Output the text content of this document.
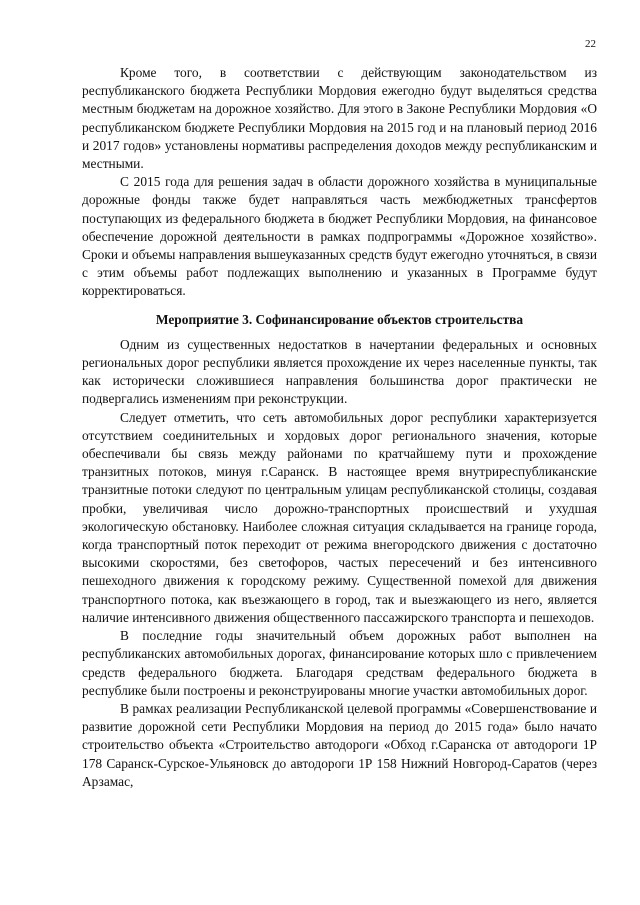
22

Кроме того, в соответствии с действующим законодательством из республиканского бюджета Республики Мордовия ежегодно будут выделяться средства местным бюджетам на дорожное хозяйство. Для этого в Законе Республики Мордовия «О республиканском бюджете Республики Мордовия на 2015 год и на плановый период 2016 и 2017 годов» установлены нормативы распределения доходов между республиканским и местными.

С 2015 года для решения задач в области дорожного хозяйства в муниципальные дорожные фонды также будет направляться часть межбюджетных трансфертов поступающих из федерального бюджета в бюджет Республики Мордовия, на финансовое обеспечение дорожной деятельности в рамках подпрограммы «Дорожное хозяйство». Сроки и объемы направления вышеуказанных средств будут ежегодно уточняться, в связи с этим объемы работ подлежащих выполнению и указанных в Программе будут корректироваться.

Мероприятие 3. Софинансирование объектов строительства

Одним из существенных недостатков в начертании федеральных и основных региональных дорог республики является прохождение их через населенные пункты, так как исторически сложившиеся направления большинства дорог практически не подвергались изменениям при реконструкции.

Следует отметить, что сеть автомобильных дорог республики характеризуется отсутствием соединительных и хордовых дорог регионального значения, которые обеспечивали бы связь между районами по кратчайшему пути и прохождение транзитных потоков, минуя г.Саранск. В настоящее время внутриреспубликанские транзитные потоки следуют по центральным улицам республиканской столицы, создавая пробки, увеличивая число дорожно-транспортных происшествий и ухудшая экологическую обстановку. Наиболее сложная ситуация складывается на границе города, когда транспортный поток переходит от режима внегородского движения с достаточно высокими скоростями, без светофоров, частых пересечений и без интенсивного пешеходного движения к городскому режиму. Существенной помехой для движения транспортного потока, как въезжающего в город, так и выезжающего из него, является наличие интенсивного движения общественного пассажирского транспорта и пешеходов.

В последние годы значительный объем дорожных работ выполнен на республиканских автомобильных дорогах, финансирование которых шло с привлечением средств федерального бюджета. Благодаря средствам федерального бюджета в республике были построены и реконструированы многие участки автомобильных дорог.

В рамках реализации Республиканской целевой программы «Совершенствование и развитие дорожной сети Республики Мордовия на период до 2015 года» было начато строительство объекта «Строительство автодороги «Обход г.Саранска от автодороги 1Р 178 Саранск-Сурское-Ульяновск до автодороги 1Р 158 Нижний Новгород-Саратов (через Арзамас,
